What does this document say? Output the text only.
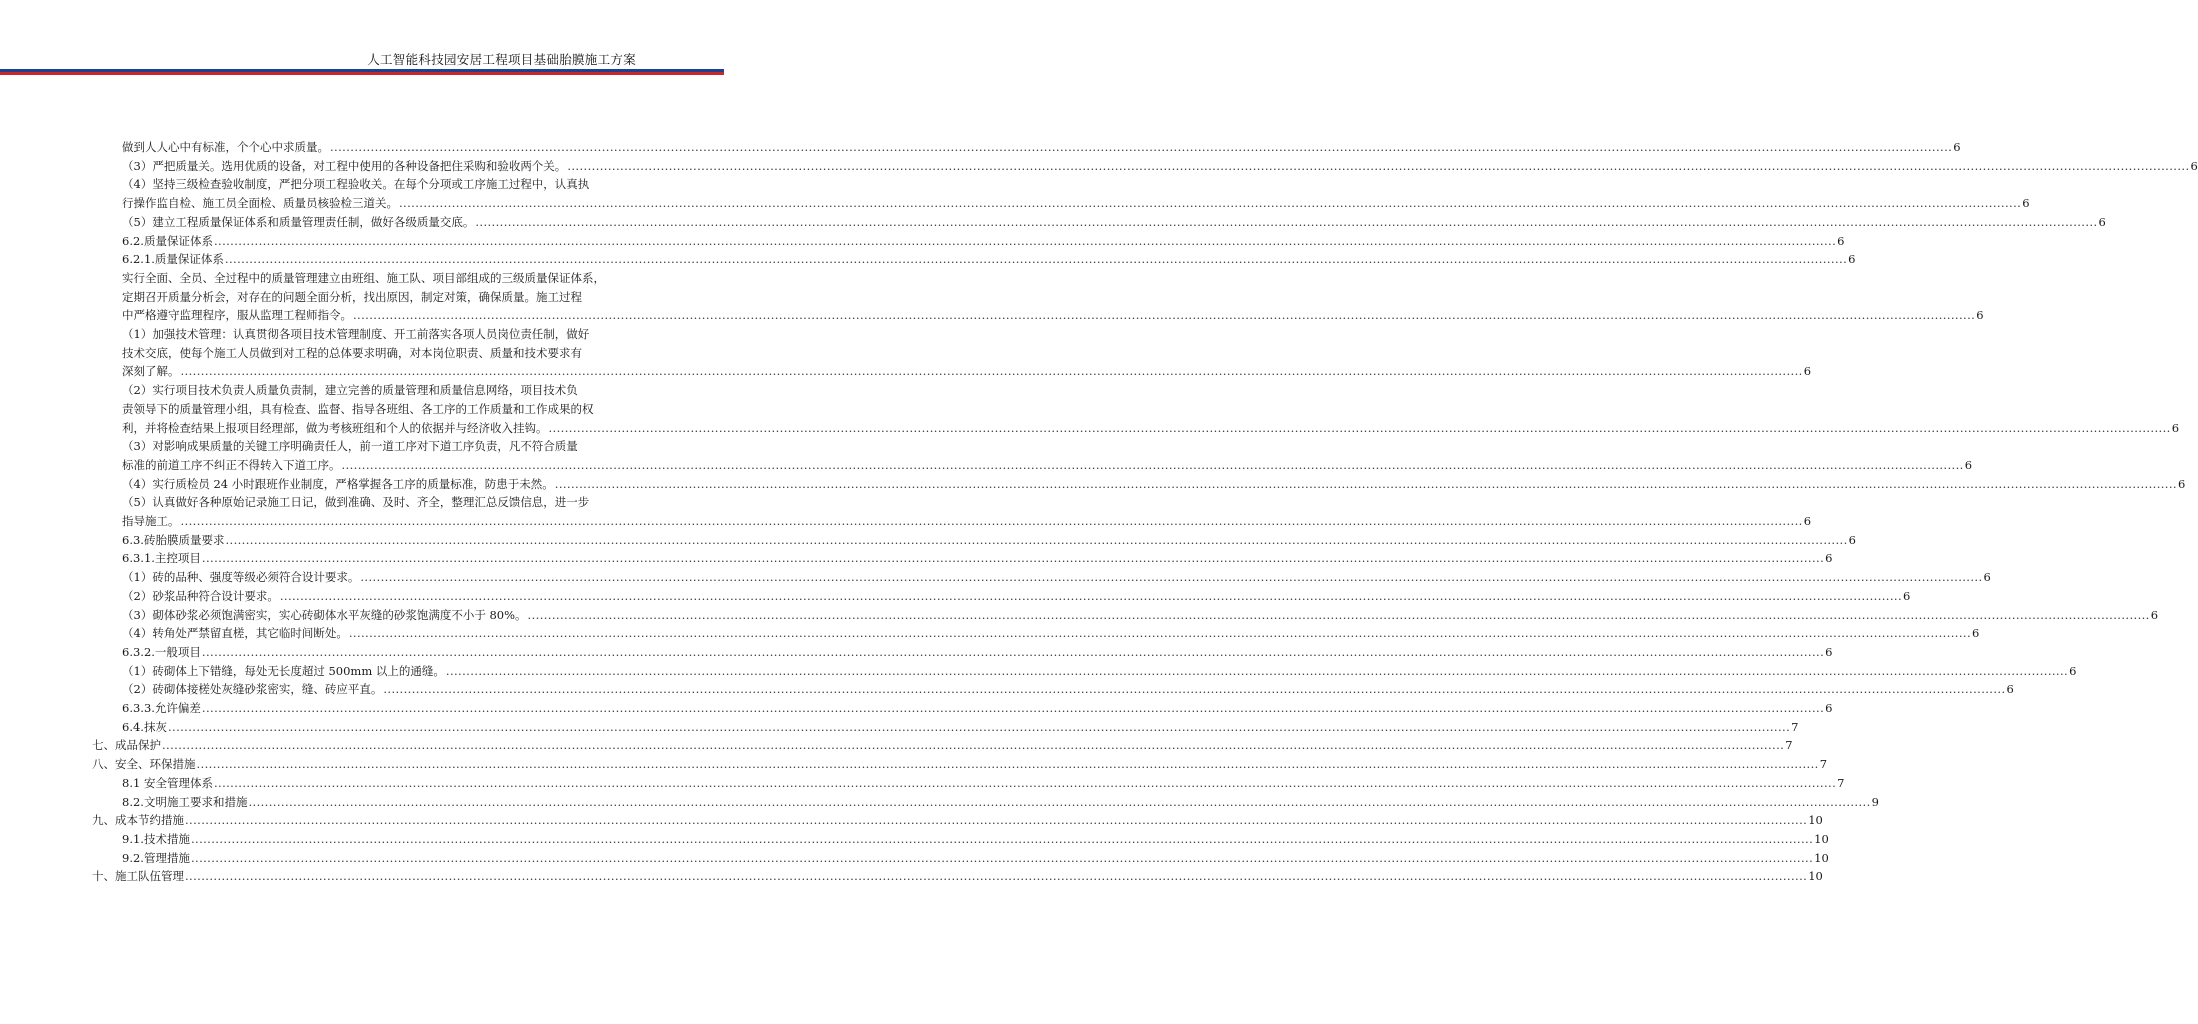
人工智能科技园安居工程项目基础胎膜施工方案
做到人人心中有标准，个个心中求质量。 ................................................................................................................................................................................................................................................................................................................................................................................................................ 6
（3）严把质量关。选用优质的设备，对工程中使用的各种设备把住采购和验收两个关。 ................................................................................................................................................................................................................................................................................................................................................................................................................ 6
（4）坚持三级检查验收制度，严把分项工程验收关。在每个分项或工序施工过程中，认真执
行操作监自检、施工员全面检、质量员核验检三道关。 ................................................................................................................................................................................................................................................................................................................................................................................................................ 6
（5）建立工程质量保证体系和质量管理责任制，做好各级质量交底。 ................................................................................................................................................................................................................................................................................................................................................................................................................ 6
6.2.质量保证体系 ................................................................................................................................................................................................................................................................................................................................................................................................................ 6
6.2.1.质量保证体系 ................................................................................................................................................................................................................................................................................................................................................................................................................ 6
实行全面、全员、全过程中的质量管理建立由班组、施工队、项目部组成的三级质量保证体系，
定期召开质量分析会，对存在的问题全面分析，找出原因，制定对策，确保质量。施工过程
中严格遵守监理程序，服从监理工程师指令。 ................................................................................................................................................................................................................................................................................................................................................................................................................ 6
（1）加强技术管理：认真贯彻各项目技术管理制度、开工前落实各项人员岗位责任制，做好
技术交底，使每个施工人员做到对工程的总体要求明确，对本岗位职责、质量和技术要求有
深刻了解。 ................................................................................................................................................................................................................................................................................................................................................................................................................ 6
（2）实行项目技术负责人质量负责制，建立完善的质量管理和质量信息网络，项目技术负
责领导下的质量管理小组，具有检查、监督、指导各班组、各工序的工作质量和工作成果的权
利，并将检查结果上报项目经理部，做为考核班组和个人的依据并与经济收入挂钩。 ................................................................................................................................................................................................................................................................................................................................................................................................................ 6
（3）对影响成果质量的关键工序明确责任人，前一道工序对下道工序负责，凡不符合质量
标准的前道工序不纠正不得转入下道工序。 ................................................................................................................................................................................................................................................................................................................................................................................................................ 6
（4）实行质检员 24 小时跟班作业制度，严格掌握各工序的质量标准，防患于未然。 ................................................................................................................................................................................................................................................................................................................................................................................................................ 6
（5）认真做好各种原始记录施工日记，做到准确、及时、齐全，整理汇总反馈信息，进一步
指导施工。 ................................................................................................................................................................................................................................................................................................................................................................................................................ 6
6.3.砖胎膜质量要求 ................................................................................................................................................................................................................................................................................................................................................................................................................ 6
6.3.1.主控项目 ................................................................................................................................................................................................................................................................................................................................................................................................................ 6
（1）砖的品种、强度等级必须符合设计要求。 ................................................................................................................................................................................................................................................................................................................................................................................................................ 6
（2）砂浆品种符合设计要求。 ................................................................................................................................................................................................................................................................................................................................................................................................................ 6
（3）砌体砂浆必须饱满密实，实心砖砌体水平灰缝的砂浆饱满度不小于 80%。 ................................................................................................................................................................................................................................................................................................................................................................................................................ 6
（4）转角处严禁留直槎，其它临时间断处。 ................................................................................................................................................................................................................................................................................................................................................................................................................ 6
6.3.2.一般项目 ................................................................................................................................................................................................................................................................................................................................................................................................................ 6
（1）砖砌体上下错缝，每处无长度超过 500mm 以上的通缝。 ................................................................................................................................................................................................................................................................................................................................................................................................................ 6
（2）砖砌体接槎处灰缝砂浆密实，缝、砖应平直。 ................................................................................................................................................................................................................................................................................................................................................................................................................ 6
6.3.3.允许偏差 ................................................................................................................................................................................................................................................................................................................................................................................................................ 6
6.4.抹灰 ................................................................................................................................................................................................................................................................................................................................................................................................................ 7
七、成品保护 ................................................................................................................................................................................................................................................................................................................................................................................................................ 7
八、安全、环保措施 ................................................................................................................................................................................................................................................................................................................................................................................................................ 7
8.1 安全管理体系 ................................................................................................................................................................................................................................................................................................................................................................................................................ 7
8.2.文明施工要求和措施 ................................................................................................................................................................................................................................................................................................................................................................................................................ 9
九、成本节约措施 ................................................................................................................................................................................................................................................................................................................................................................................................................ 10
9.1.技术措施 ................................................................................................................................................................................................................................................................................................................................................................................................................ 10
9.2.管理措施 ................................................................................................................................................................................................................................................................................................................................................................................................................ 10
十、施工队伍管理 ................................................................................................................................................................................................................................................................................................................................................................................................................ 10
